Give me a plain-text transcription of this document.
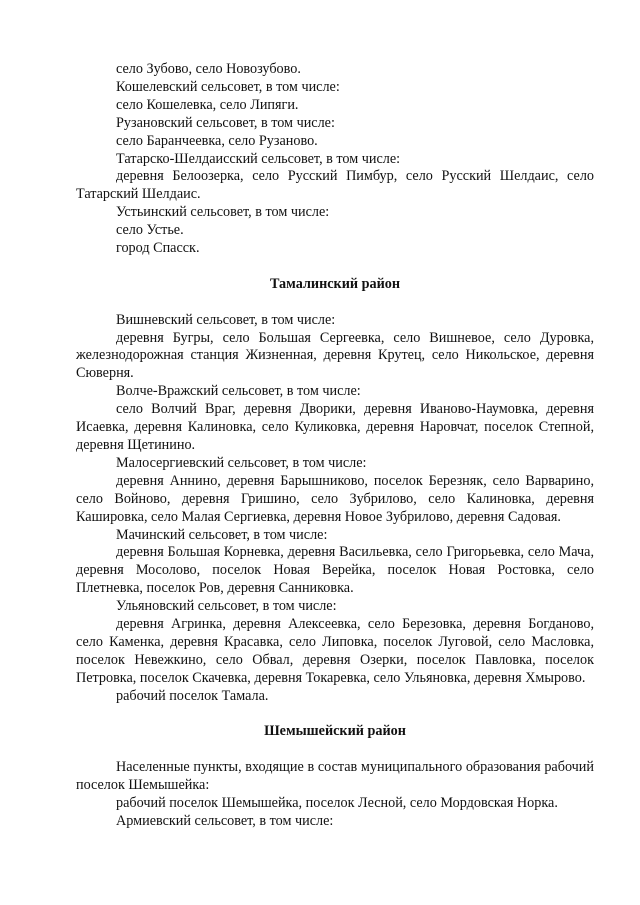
село Зубово, село Новозубово.

Кошелевский сельсовет, в том числе:

село Кошелевка, село Липяги.

Рузановский сельсовет, в том числе:

село Баранчеевка, село Рузаново.

Татарско-Шелдаисский сельсовет, в том числе:

деревня Белоозерка, село Русский Пимбур, село Русский Шелдаис, село Татарский Шелдаис.

Устьинский сельсовет, в том числе:

село Устье.

город Спасск.

Тамалинский район

Вишневский сельсовет, в том числе:

деревня Бугры, село Большая Сергеевка, село Вишневое, село Дуровка, железнодорожная станция Жизненная, деревня Крутец, село Никольское, деревня Сюверня.

Волче-Вражский сельсовет, в том числе:

село Волчий Враг, деревня Дворики, деревня Иваново-Наумовка, деревня Исаевка, деревня Калиновка, село Куликовка, деревня Наровчат, поселок Степной, деревня Щетинино.

Малосергиевский сельсовет, в том числе:

деревня Аннино, деревня Барышниково, поселок Березняк, село Варварино, село Войново, деревня Гришино, село Зубрилово, село Калиновка, деревня Кашировка, село Малая Сергиевка, деревня Новое Зубрилово, деревня Садовая.

Мачинский сельсовет, в том числе:

деревня Большая Корневка, деревня Васильевка, село Григорьевка, село Мача, деревня Мосолово, поселок Новая Верейка, поселок Новая Ростовка, село Плетневка, поселок Ров, деревня Санниковка.

Ульяновский сельсовет, в том числе:

деревня Агринка, деревня Алексеевка, село Березовка, деревня Богданово, село Каменка, деревня Красавка, село Липовка, поселок Луговой, село Масловка, поселок Невежкино, село Обвал, деревня Озерки, поселок Павловка, поселок Петровка, поселок Скачевка, деревня Токаревка, село Ульяновка, деревня Хмырово.

рабочий поселок Тамала.

Шемышейский район

Населенные пункты, входящие в состав муниципального образования рабочий поселок Шемышейка:

рабочий поселок Шемышейка, поселок Лесной, село Мордовская Норка.

Армиевский сельсовет, в том числе:
